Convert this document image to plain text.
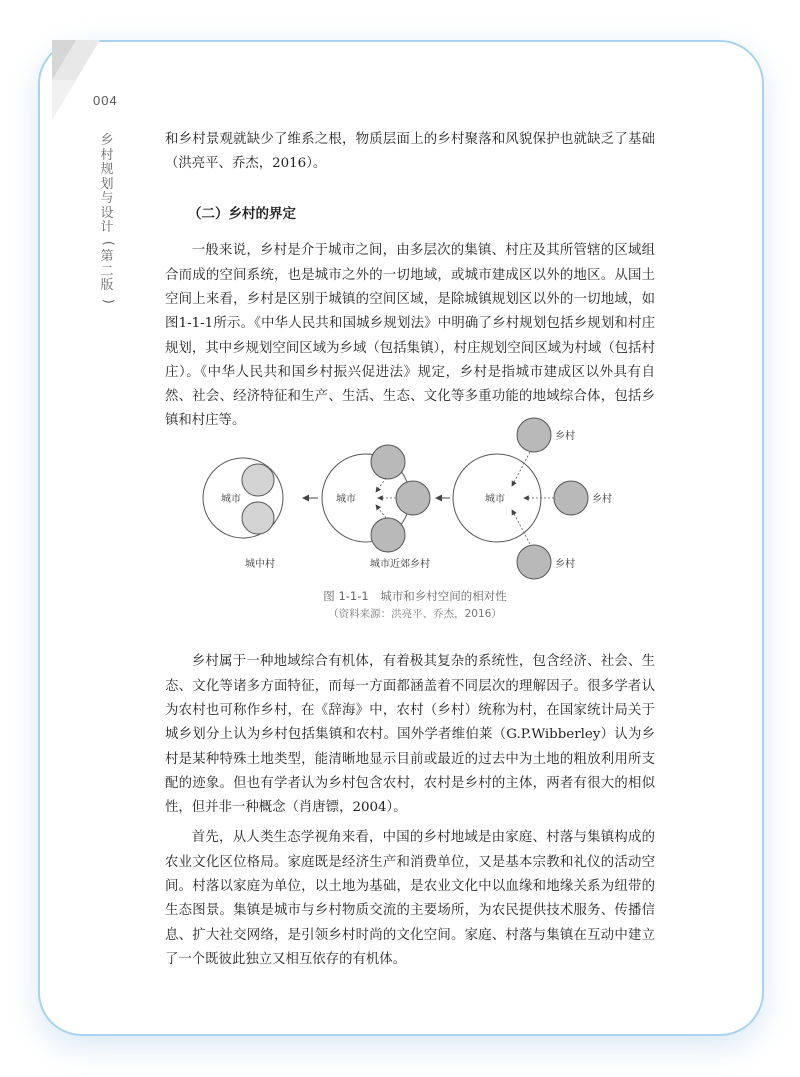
004
乡
村
规
划
与
设
计
(
第
二
版
)

和乡村景观就缺少了维系之根，物质层面上的乡村聚落和风貌保护也就缺乏了基础（洪亮平、乔杰，2016）。

（二）乡村的界定

一般来说，乡村是介于城市之间，由多层次的集镇、村庄及其所管辖的区域组合而成的空间系统，也是城市之外的一切地域，或城市建成区以外的地区。从国土空间上来看，乡村是区别于城镇的空间区域，是除城镇规划区以外的一切地域，如图1-1-1所示。《中华人民共和国城乡规划法》中明确了乡村规划包括乡规划和村庄规划，其中乡规划空间区域为乡域（包括集镇），村庄规划空间区域为村域（包括村庄）。《中华人民共和国乡村振兴促进法》规定，乡村是指城市建成区以外具有自然、社会、经济特征和生产、生活、生态、文化等多重功能的地域综合体，包括乡镇和村庄等。

城市
城中村
城市
城市近郊乡村
城市
乡村
乡村
乡村
图 1-1-1　城市和乡村空间的相对性
（资料来源：洪亮平、乔杰，2016）

乡村属于一种地域综合有机体，有着极其复杂的系统性，包含经济、社会、生态、文化等诸多方面特征，而每一方面都涵盖着不同层次的理解因子。很多学者认为农村也可称作乡村，在《辞海》中，农村（乡村）统称为村，在国家统计局关于城乡划分上认为乡村包括集镇和农村。国外学者维伯莱（G.P.Wibberley）认为乡村是某种特殊土地类型，能清晰地显示目前或最近的过去中为土地的粗放利用所支配的迹象。但也有学者认为乡村包含农村，农村是乡村的主体，两者有很大的相似性，但并非一种概念（肖唐镖，2004）。

首先，从人类生态学视角来看，中国的乡村地域是由家庭、村落与集镇构成的农业文化区位格局。家庭既是经济生产和消费单位，又是基本宗教和礼仪的活动空间。村落以家庭为单位，以土地为基础，是农业文化中以血缘和地缘关系为纽带的生态图景。集镇是城市与乡村物质交流的主要场所，为农民提供技术服务、传播信息、扩大社交网络，是引领乡村时尚的文化空间。家庭、村落与集镇在互动中建立了一个既彼此独立又相互依存的有机体。
